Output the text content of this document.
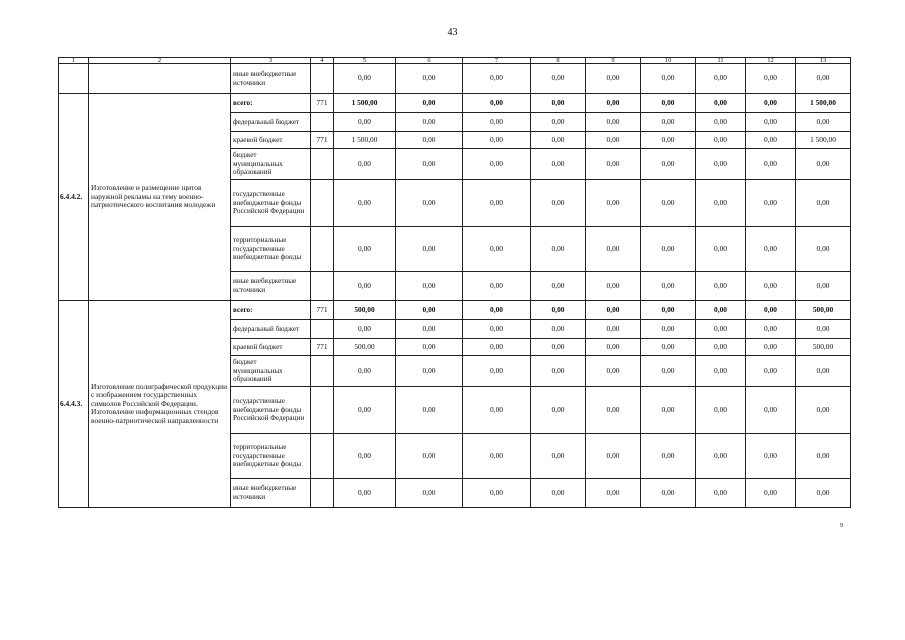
43
1	2	3	4	5	6	7	8	9	10	11	12	13
		иные внебюджетные источники		0,00	0,00	0,00	0,00	0,00	0,00	0,00	0,00	0,00
6.4.4.2.	Изготовление и размещение щитов наружной рекламы на тему военно-патриотического воспитания молодежи	всего:	771	1 500,00	0,00	0,00	0,00	0,00	0,00	0,00	0,00	1 500,00
		федеральный бюджет		0,00	0,00	0,00	0,00	0,00	0,00	0,00	0,00	0,00
		краевой бюджет	771	1 500,00	0,00	0,00	0,00	0,00	0,00	0,00	0,00	1 500,00
		бюджет муниципальных образований		0,00	0,00	0,00	0,00	0,00	0,00	0,00	0,00	0,00
		государственные внебюджетные фонды Российской Федерации		0,00	0,00	0,00	0,00	0,00	0,00	0,00	0,00	0,00
		территориальные государственные внебюджетные фонды		0,00	0,00	0,00	0,00	0,00	0,00	0,00	0,00	0,00
		иные внебюджетные источники		0,00	0,00	0,00	0,00	0,00	0,00	0,00	0,00	0,00
6.4.4.3.	Изготовление полиграфической продукции с изображением государственных символов Российской Федерации. Изготовление информационных стендов военно-патриотической направленности	всего:	771	500,00	0,00	0,00	0,00	0,00	0,00	0,00	0,00	500,00
		федеральный бюджет		0,00	0,00	0,00	0,00	0,00	0,00	0,00	0,00	0,00
		краевой бюджет	771	500,00	0,00	0,00	0,00	0,00	0,00	0,00	0,00	500,00
		бюджет муниципальных образований		0,00	0,00	0,00	0,00	0,00	0,00	0,00	0,00	0,00
		государственные внебюджетные фонды Российской Федерации		0,00	0,00	0,00	0,00	0,00	0,00	0,00	0,00	0,00
		территориальные государственные внебюджетные фонды		0,00	0,00	0,00	0,00	0,00	0,00	0,00	0,00	0,00
		иные внебюджетные источники		0,00	0,00	0,00	0,00	0,00	0,00	0,00	0,00	0,00
9
